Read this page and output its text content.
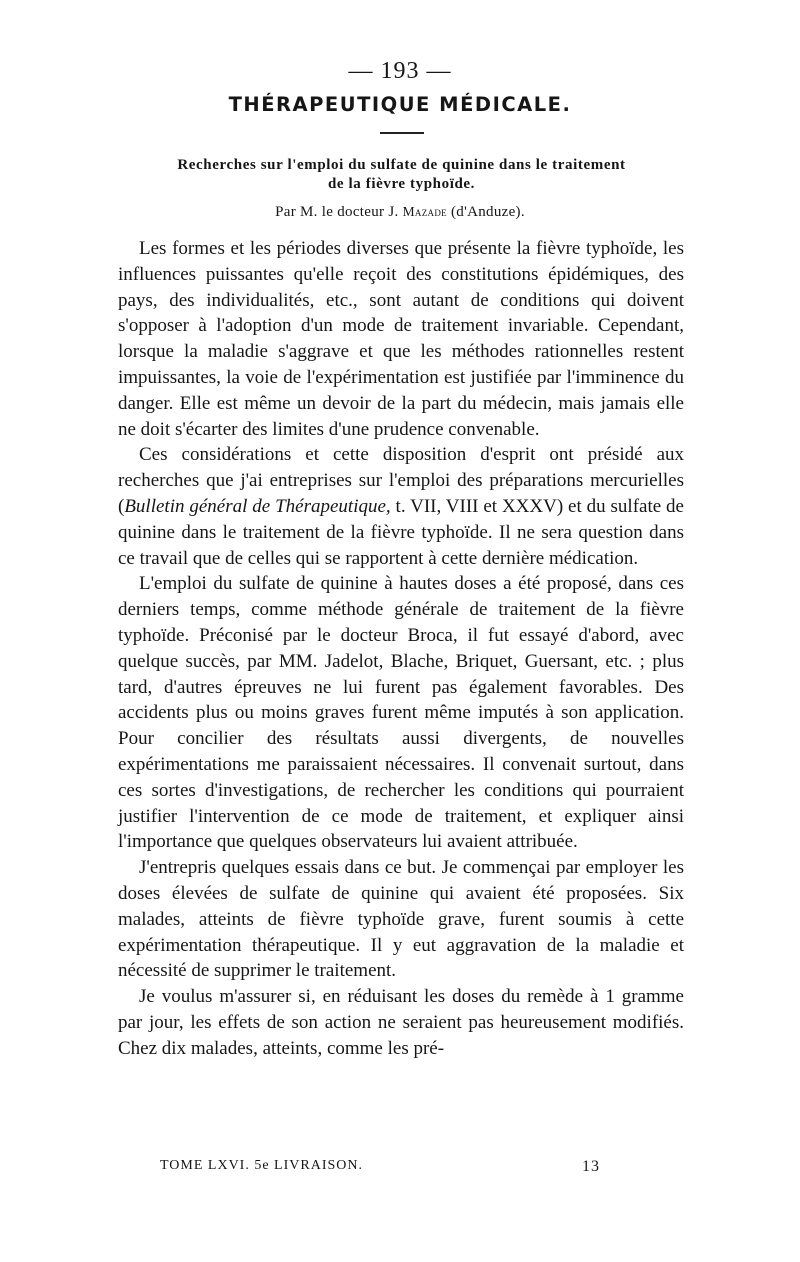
— 193 —
THÉRAPEUTIQUE MÉDICALE.
Recherches sur l'emploi du sulfate de quinine dans le traitement
de la fièvre typhoïde.
Par M. le docteur J. Mazade (d'Anduze).

Les formes et les périodes diverses que présente la fièvre typhoïde, les influences puissantes qu'elle reçoit des constitutions épidémiques, des pays, des individualités, etc., sont autant de conditions qui doivent s'opposer à l'adoption d'un mode de traitement invariable. Cependant, lorsque la maladie s'aggrave et que les méthodes rationnelles restent impuissantes, la voie de l'expérimentation est justifiée par l'imminence du danger. Elle est même un devoir de la part du médecin, mais jamais elle ne doit s'écarter des limites d'une prudence convenable.

Ces considérations et cette disposition d'esprit ont présidé aux recherches que j'ai entreprises sur l'emploi des préparations mercurielles (Bulletin général de Thérapeutique, t. VII, VIII et XXXV) et du sulfate de quinine dans le traitement de la fièvre typhoïde. Il ne sera question dans ce travail que de celles qui se rapportent à cette dernière médication.

L'emploi du sulfate de quinine à hautes doses a été proposé, dans ces derniers temps, comme méthode générale de traitement de la fièvre typhoïde. Préconisé par le docteur Broca, il fut essayé d'abord, avec quelque succès, par MM. Jadelot, Blache, Briquet, Guersant, etc. ; plus tard, d'autres épreuves ne lui furent pas également favorables. Des accidents plus ou moins graves furent même imputés à son application. Pour concilier des résultats aussi divergents, de nouvelles expérimentations me paraissaient nécessaires. Il convenait surtout, dans ces sortes d'investigations, de rechercher les conditions qui pourraient justifier l'intervention de ce mode de traitement, et expliquer ainsi l'importance que quelques observateurs lui avaient attribuée.

J'entrepris quelques essais dans ce but. Je commençai par employer les doses élevées de sulfate de quinine qui avaient été proposées. Six malades, atteints de fièvre typhoïde grave, furent soumis à cette expérimentation thérapeutique. Il y eut aggravation de la maladie et nécessité de supprimer le traitement.

Je voulus m'assurer si, en réduisant les doses du remède à 1 gramme par jour, les effets de son action ne seraient pas heureusement modifiés. Chez dix malades, atteints, comme les pré-

TOME LXVI. 5e LIVRAISON.	13
